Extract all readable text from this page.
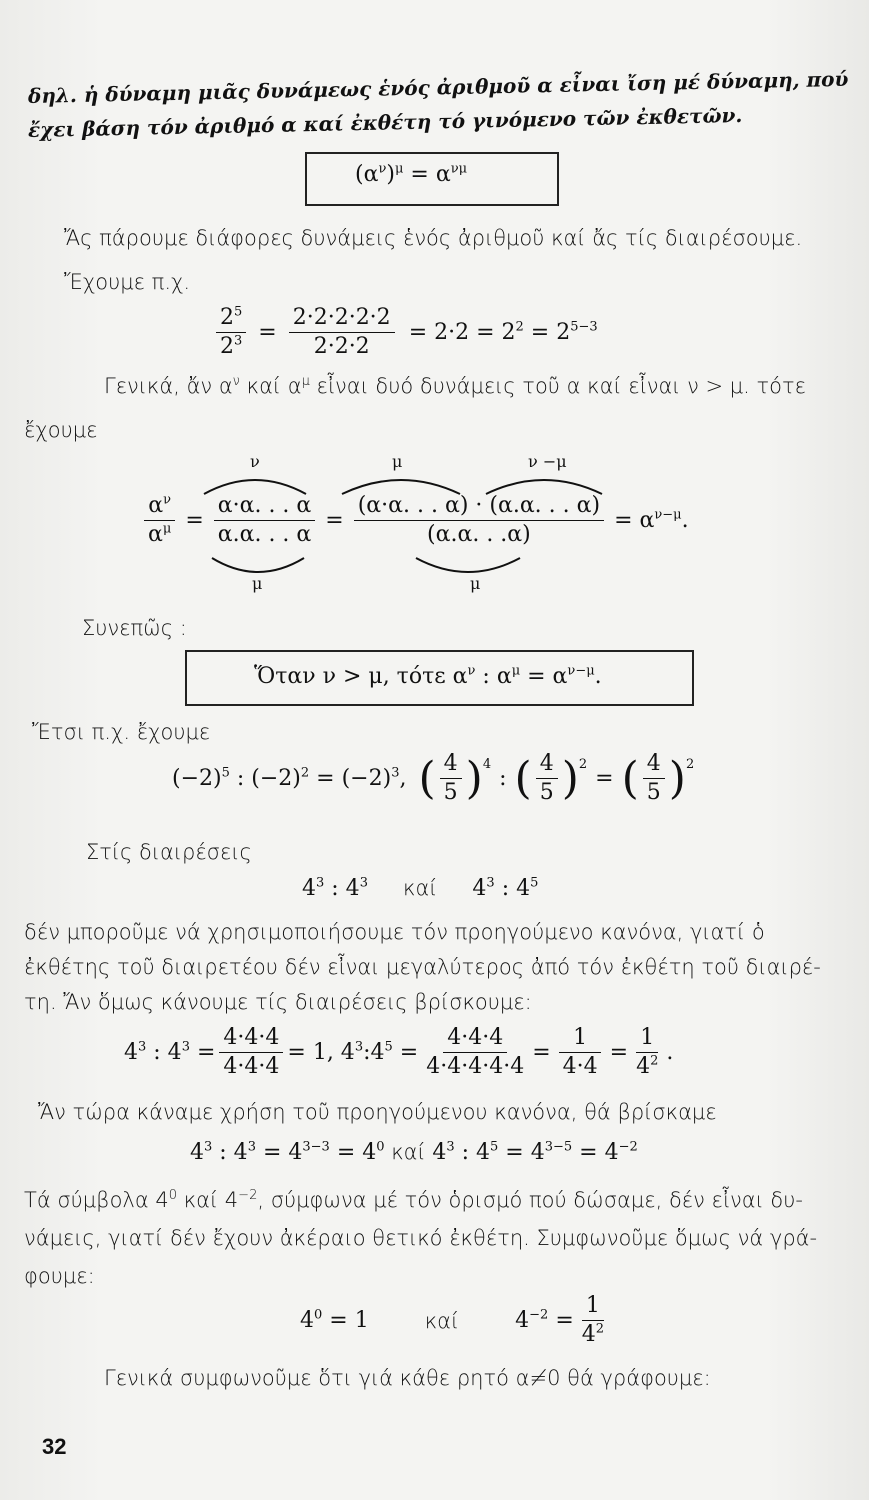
δηλ. ἡ δύναμη μιᾶς δυνάμεως ἑνός ἀριθμοῦ α εἶναι ἴση μέ δύναμη, πού
ἔχει βάση τόν ἀριθμό α καί ἐκθέτη τό γινόμενο τῶν ἐκθετῶν.
$(\alpha^\nu)^\mu = \alpha^{\nu\mu}$
Ἄς πάρουμε διάφορες δυνάμεις ἑνός ἀριθμοῦ καί ἄς τίς διαιρέσουμε.
Ἔχουμε π.χ.
$\frac{2^5}{2^3} = \frac{2\cdot 2\cdot 2\cdot 2\cdot 2}{2\cdot 2\cdot 2} = 2\cdot 2 = 2^2 = 2^{5-3}$
Γενικά, ἄν $\alpha^\nu$ καί $\alpha^\mu$ εἶναι δυό δυνάμεις τοῦ α καί εἶναι ν > μ. τότε
ἔχουμε
ν	μ	ν −μ
$\frac{\alpha^\nu}{\alpha^\mu} = \frac{\alpha\cdot\alpha. . . \alpha}{\alpha.\alpha. . . \alpha} = \frac{(\alpha\cdot\alpha. . . \alpha) \cdot (\alpha.\alpha. . . \alpha)}{(\alpha.\alpha. . .\alpha)} = \alpha^{\nu-\mu}$.
μ	μ
Συνεπῶς :
Ὅταν ν > μ, τότε $\alpha^\nu$ : $\alpha^\mu = \alpha^{\nu-\mu}$.
Ἔτσι π.χ. ἔχουμε
$(-2)^5$ : $(-2)^2 = (-2)^3$, ( $\frac{4}{5} )^4$
: ( $\frac{4}{5} )^2$
= ( $\frac{4}{5} )^2$
Στίς διαιρέσεις
$4^3$ : $4^3$ καί $4^3$ : $4^5$
δέν μποροῦμε νά χρησιμοποιήσουμε τόν προηγούμενο κανόνα, γιατί ὁ
ἐκθέτης τοῦ διαιρετέου δέν εἶναι μεγαλύτερος ἀπό τόν ἐκθέτη τοῦ διαιρέ-
τη. Ἄν ὅμως κάνουμε τίς διαιρέσεις βρίσκουμε:
$4^3$ : $4^3 = \frac{4\cdot 4\cdot 4}{4\cdot 4\cdot 4} = 1$, $4^3:4^5 = \frac{4\cdot 4\cdot 4}{4\cdot 4\cdot 4\cdot 4\cdot 4} = \frac{1}{4\cdot 4} = \frac{1}{4^2}$ .
Ἄν τώρα κάναμε χρήση τοῦ προηγούμενου κανόνα, θά βρίσκαμε
$4^3$ : $4^3 = 4^{3-3} = 4^0$ καί $4^3$ : $4^5 = 4^{3-5} = 4^{-2}$
Τά σύμβολα $4^0$ καί $4^{-2}$, σύμφωνα μέ τόν ὁρισμό πού δώσαμε, δέν εἶναι δυ-
νάμεις, γιατί δέν ἔχουν ἀκέραιο θετικό ἐκθέτη. Συμφωνοῦμε ὅμως νά γρά-
φουμε:
$4^0 = 1$	καί	$4^{-2} = \frac{1}{4^2}$
Γενικά συμφωνοῦμε ὅτι γιά κάθε ρητό α≠0 θά γράφουμε:
32
